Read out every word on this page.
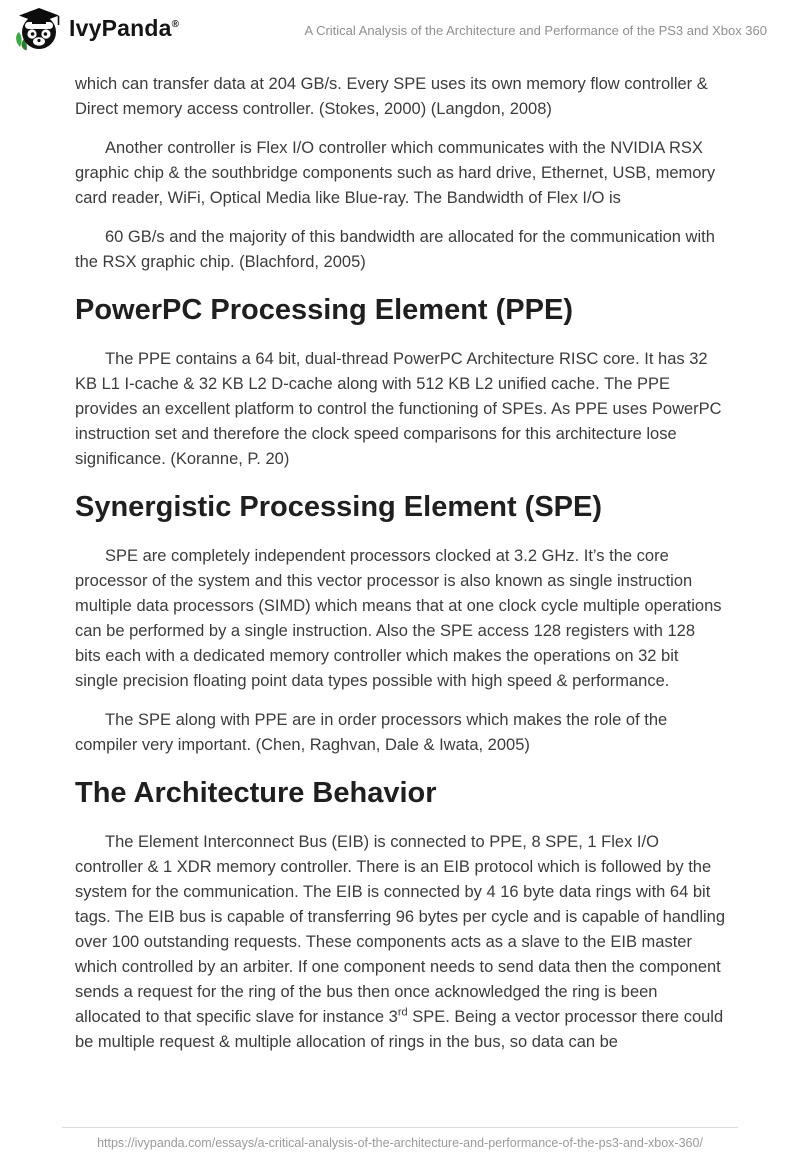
IvyPanda®	A Critical Analysis of the Architecture and Performance of the PS3 and Xbox 360

which can transfer data at 204 GB/s. Every SPE uses its own memory flow controller & Direct memory access controller. (Stokes, 2000) (Langdon, 2008)

Another controller is Flex I/O controller which communicates with the NVIDIA RSX graphic chip & the southbridge components such as hard drive, Ethernet, USB, memory card reader, WiFi, Optical Media like Blue-ray. The Bandwidth of Flex I/O is

60 GB/s and the majority of this bandwidth are allocated for the communication with the RSX graphic chip. (Blachford, 2005)

PowerPC Processing Element (PPE)

The PPE contains a 64 bit, dual-thread PowerPC Architecture RISC core. It has 32 KB L1 I-cache & 32 KB L2 D-cache along with 512 KB L2 unified cache. The PPE provides an excellent platform to control the functioning of SPEs. As PPE uses PowerPC instruction set and therefore the clock speed comparisons for this architecture lose significance. (Koranne, P. 20)

Synergistic Processing Element (SPE)

SPE are completely independent processors clocked at 3.2 GHz. It’s the core processor of the system and this vector processor is also known as single instruction multiple data processors (SIMD) which means that at one clock cycle multiple operations can be performed by a single instruction. Also the SPE access 128 registers with 128 bits each with a dedicated memory controller which makes the operations on 32 bit single precision floating point data types possible with high speed & performance.

The SPE along with PPE are in order processors which makes the role of the compiler very important. (Chen, Raghvan, Dale & Iwata, 2005)

The Architecture Behavior

The Element Interconnect Bus (EIB) is connected to PPE, 8 SPE, 1 Flex I/O controller & 1 XDR memory controller. There is an EIB protocol which is followed by the system for the communication. The EIB is connected by 4 16 byte data rings with 64 bit tags. The EIB bus is capable of transferring 96 bytes per cycle and is capable of handling over 100 outstanding requests. These components acts as a slave to the EIB master which controlled by an arbiter. If one component needs to send data then the component sends a request for the ring of the bus then once acknowledged the ring is been allocated to that specific slave for instance 3rd SPE. Being a vector processor there could be multiple request & multiple allocation of rings in the bus, so data can be

https://ivypanda.com/essays/a-critical-analysis-of-the-architecture-and-performance-of-the-ps3-and-xbox-360/
